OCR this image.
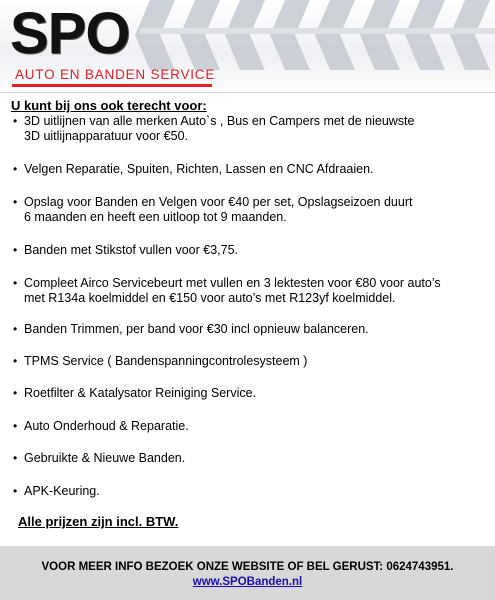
SPO
AUTO EN BANDEN SERVICE
U kunt bij ons ook terecht voor:
• 3D uitlijnen van alle merken Auto`s , Bus en Campers met de nieuwste
3D uitlijnapparatuur voor €50.
• Velgen Reparatie, Spuiten, Richten, Lassen en CNC Afdraaien.
• Opslag voor Banden en Velgen voor €40 per set, Opslagseizoen duurt
6 maanden en heeft een uitloop tot 9 maanden.
• Banden met Stikstof vullen voor €3,75.
• Compleet Airco Servicebeurt met vullen en 3 lektesten voor €80 voor auto’s
met R134a koelmiddel en €150 voor auto’s met R123yf koelmiddel.
• Banden Trimmen, per band voor €30 incl opnieuw balanceren.
• TPMS Service ( Bandenspanningcontrolesysteem )
• Roetfilter & Katalysator Reiniging Service.
• Auto Onderhoud & Reparatie.
• Gebruikte & Nieuwe Banden.
• APK-Keuring.
Alle prijzen zijn incl. BTW.
VOOR MEER INFO BEZOEK ONZE WEBSITE OF BEL GERUST: 0624743951.
www.SPOBanden.nl
